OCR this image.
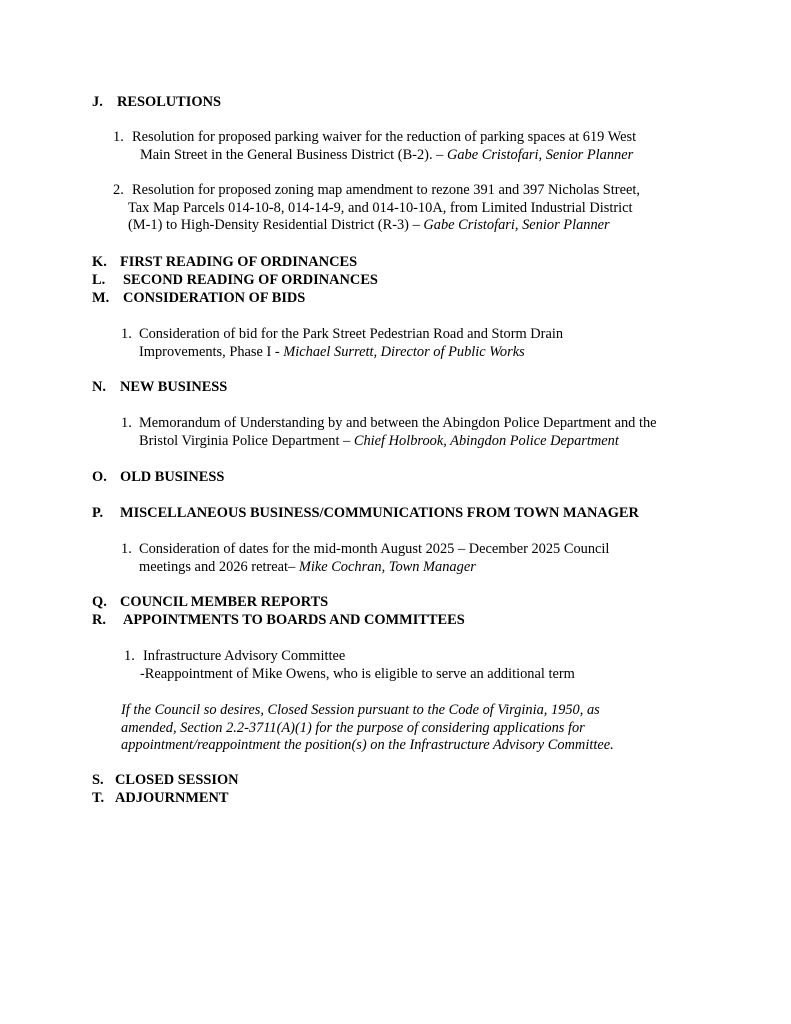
J. RESOLUTIONS
1. Resolution for proposed parking waiver for the reduction of parking spaces at 619 West
Main Street in the General Business District (B-2). – Gabe Cristofari, Senior Planner
2. Resolution for proposed zoning map amendment to rezone 391 and 397 Nicholas Street,
Tax Map Parcels 014-10-8, 014-14-9, and 014-10-10A, from Limited Industrial District
(M-1) to High-Density Residential District (R-3) – Gabe Cristofari, Senior Planner
K. FIRST READING OF ORDINANCES
L. SECOND READING OF ORDINANCES
M. CONSIDERATION OF BIDS
1. Consideration of bid for the Park Street Pedestrian Road and Storm Drain
Improvements, Phase I - Michael Surrett, Director of Public Works
N. NEW BUSINESS
1. Memorandum of Understanding by and between the Abingdon Police Department and the
Bristol Virginia Police Department – Chief Holbrook, Abingdon Police Department
O. OLD BUSINESS
P. MISCELLANEOUS BUSINESS/COMMUNICATIONS FROM TOWN MANAGER
1. Consideration of dates for the mid-month August 2025 – December 2025 Council
meetings and 2026 retreat– Mike Cochran, Town Manager
Q. COUNCIL MEMBER REPORTS
R. APPOINTMENTS TO BOARDS AND COMMITTEES
1. Infrastructure Advisory Committee
-Reappointment of Mike Owens, who is eligible to serve an additional term
If the Council so desires, Closed Session pursuant to the Code of Virginia, 1950, as
amended, Section 2.2-3711(A)(1) for the purpose of considering applications for
appointment/reappointment the position(s) on the Infrastructure Advisory Committee.
S. CLOSED SESSION
T. ADJOURNMENT
